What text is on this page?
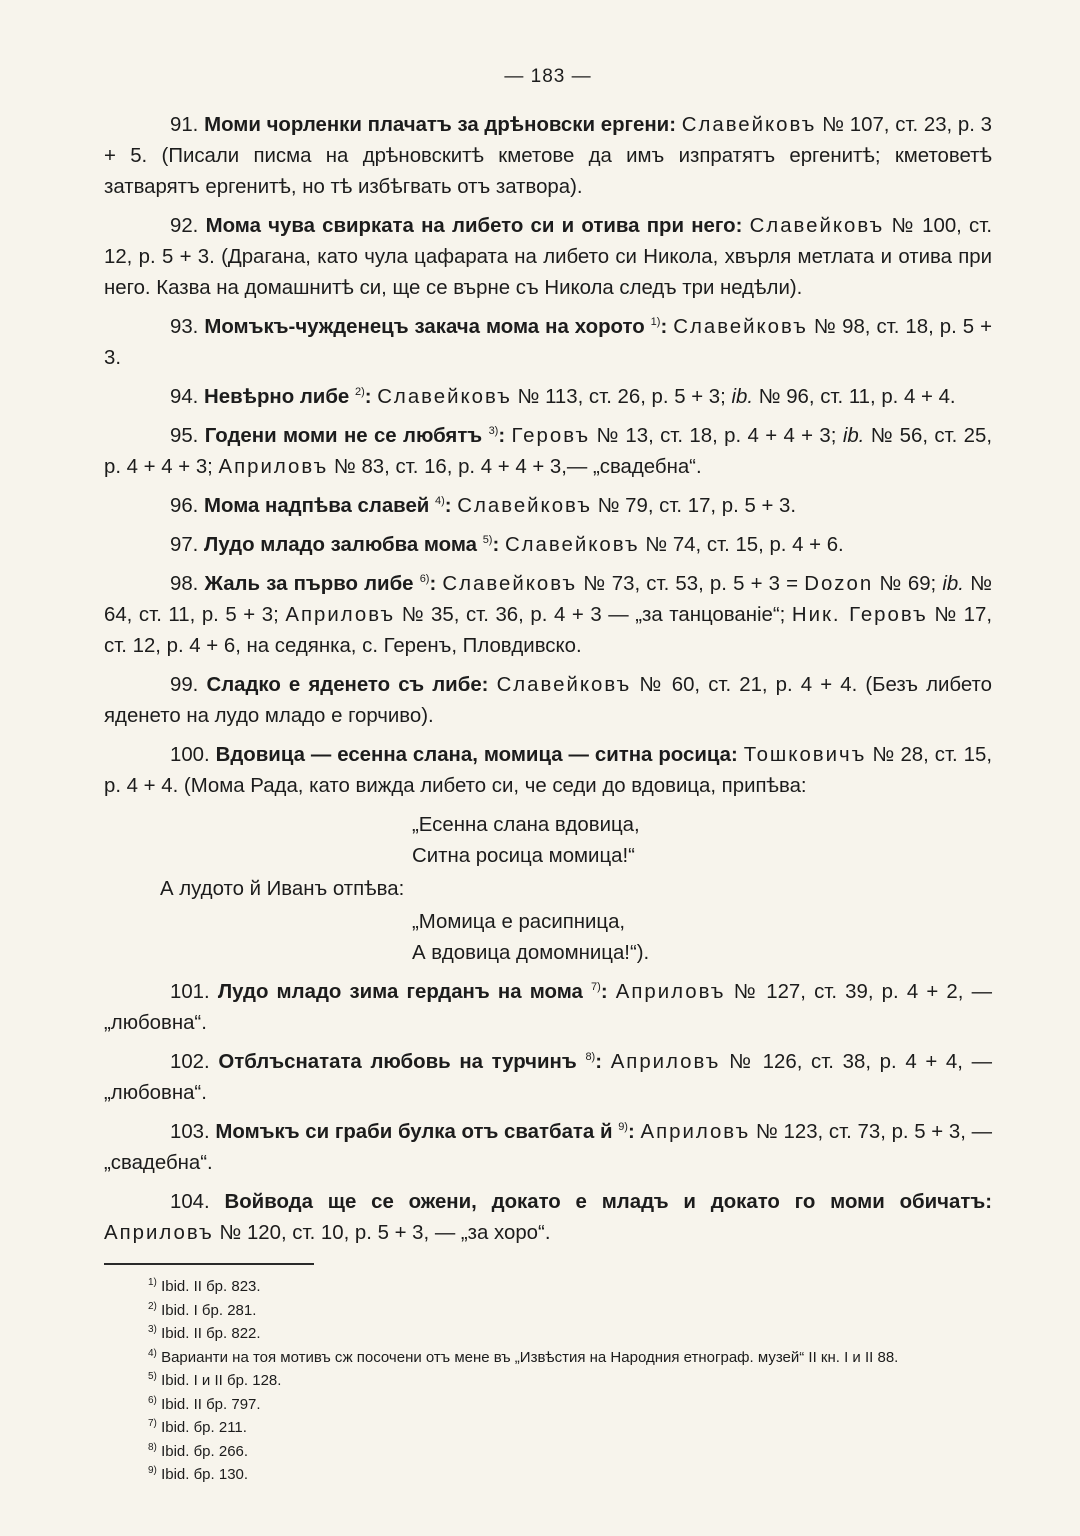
— 183 —

91. Моми чорленки плачатъ за дрѣновски ергени: Славейковъ № 107, ст. 23, р. 3 + 5. (Писали писма на дрѣновскитѣ кметове да имъ изпратятъ ергенитѣ; кметоветѣ затварятъ ергенитѣ, но тѣ избѣгвать отъ затвора).

92. Мома чува свирката на либето си и отива при него: Славейковъ № 100, ст. 12, р. 5 + 3. (Драгана, като чула цафарата на либето си Никола, хвърля метлата и отива при него. Казва на домашнитѣ си, ще се върне съ Никола следъ три недѣли).

93. Момъкъ-чужденецъ закача мома на хорото $^{1)}$: Славейковъ № 98, ст. 18, р. 5 + 3.

94. Невѣрно либе $^{2)}$: Славейковъ № 113, ст. 26, р. 5 + 3; ib. № 96, ст. 11, р. 4 + 4.

95. Годени моми не се любятъ $^{3)}$: Геровъ № 13, ст. 18, р. 4 + 4 + 3; ib. № 56, ст. 25, р. 4 + 4 + 3; Априловъ № 83, ст. 16, р. 4 + 4 + 3,— „свадебна“.

96. Мома надпѣва славей $^{4)}$: Славейковъ № 79, ст. 17, р. 5 + 3.

97. Лудо младо залюбва мома $^{5)}$: Славейковъ № 74, ст. 15, р. 4 + 6.

98. Жаль за първо либе $^{6)}$: Славейковъ № 73, ст. 53, р. 5 + 3 = Dozon № 69; ib. № 64, ст. 11, р. 5 + 3; Априловъ № 35, ст. 36, р. 4 + 3 — „за танцованіе“; Ник. Геровъ № 17, ст. 12, р. 4 + 6, на седянка, с. Геренъ, Пловдивско.

99. Сладко е яденето съ либе: Славейковъ № 60, ст. 21, р. 4 + 4. (Безъ либето яденето на лудо младо е горчиво).

100. Вдовица — есенна слана, момица — ситна росица: Тошковичъ № 28, ст. 15, р. 4 + 4. (Мома Рада, като вижда либето си, че седи до вдовица, припѣва:

„Есенна слана вдовица,
Ситна росица момица!“

А лудото й Иванъ отпѣва:

„Момица е расипница,
А вдовица домомница!“).

101. Лудо младо зима герданъ на мома $^{7)}$: Априловъ № 127, ст. 39, р. 4 + 2, — „любовна“.

102. Отблъснатата любовь на турчинъ $^{8)}$: Априловъ № 126, ст. 38, р. 4 + 4, — „любовна“.

103. Момъкъ си граби булка отъ сватбата й $^{9)}$: Априловъ № 123, ст. 73, р. 5 + 3, — „свадебна“.

104. Войвода ще се ожени, докато е младъ и докато го моми обичатъ: Априловъ № 120, ст. 10, р. 5 + 3, — „за хоро“.

$^{1)}$ Ibid. II бр. 823.
$^{2)}$ Ibid. I бр. 281.
$^{3)}$ Ibid. II бр. 822.
$^{4)}$ Варианти на тоя мотивъ сж посочени отъ мене въ „Извѣстия на Народния етнограф. музей“ II кн. I и II 88.
$^{5)}$ Ibid. I и II бр. 128.
$^{6)}$ Ibid. II бр. 797.
$^{7)}$ Ibid. бр. 211.
$^{8)}$ Ibid. бр. 266.
$^{9)}$ Ibid. бр. 130.
